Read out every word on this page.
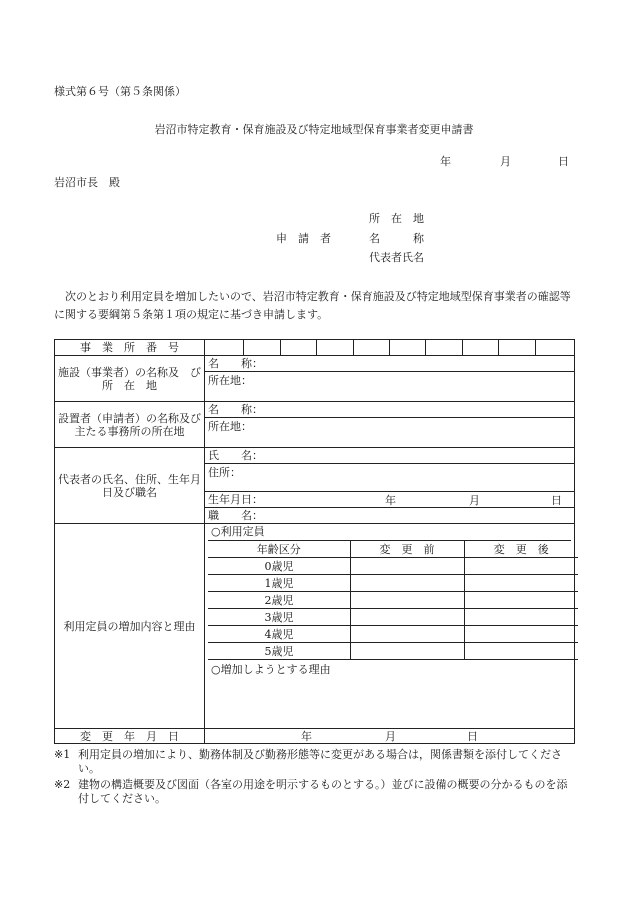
様式第６号（第５条関係）
岩沼市特定教育・保育施設及び特定地域型保育事業者変更申請書
年	月	日
岩沼市長　殿
所　在　地
申　請　者	名　　　称
代表者氏名
次のとおり利用定員を増加したいので、岩沼市特定教育・保育施設及び特定地域型保育事業者の確認等に関する要綱第５条第１項の規定に基づき申請します。
事　業　所　番　号	

施設（事業者）の名称及　び　所　在　地	名　　称：
所在地：
設置者（申請者）の名称及び主たる事務所の所在地	名　　称：
所在地：
代表者の氏名、住所、生年月日及び職名	氏　　名：
住所：
生年月日：	年	月	日

職　　名：
利用定員の増加内容と理由	
○利用定員
年齢区分	変　更　前	変　更　後
0歳児		
1歳児		
2歳児		
3歳児		
4歳児		
5歳児		
○増加しようとする理由

変　更　年　月　日	年	月	日
※1 利用定員の増加により、勤務体制及び勤務形態等に変更がある場合は，関係書類を添付してください。
※2 建物の構造概要及び図面（各室の用途を明示するものとする。）並びに設備の概要の分かるものを添付してください。
